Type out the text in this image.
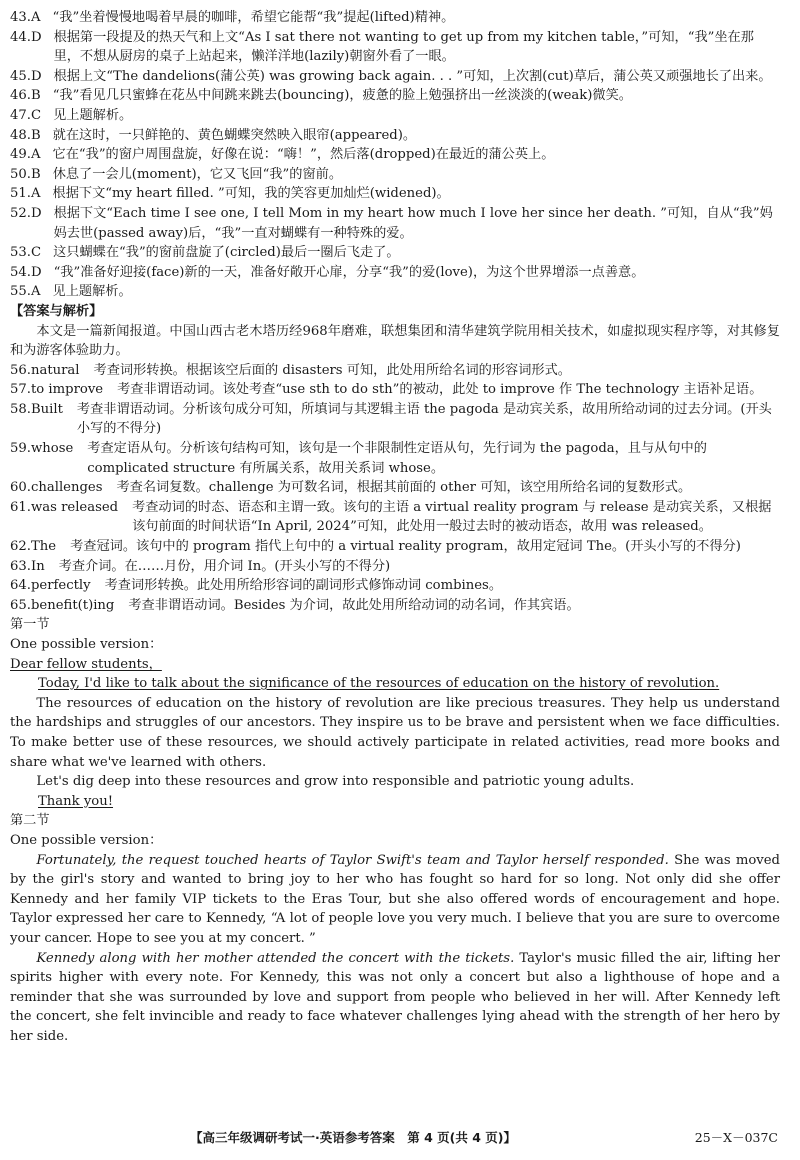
43.A “我”坐着慢慢地喝着早晨的咖啡，希望它能帮“我”提起(lifted)精神。
44.D 根据第一段提及的热天气和上文“As I sat there not wanting to get up from my kitchen table，”可知，“我”坐在那里，不想从厨房的桌子上站起来，懒洋洋地(lazily)朝窗外看了一眼。
45.D 根据上文“The dandelions(蒲公英) was growing back again. . . ”可知，上次割(cut)草后，蒲公英又顽强地长了出来。
46.B “我”看见几只蜜蜂在花丛中间跳来跳去(bouncing)，疲惫的脸上勉强挤出一丝淡淡的(weak)微笑。
47.C 见上题解析。
48.B 就在这时，一只鲜艳的、黄色蝴蝶突然映入眼帘(appeared)。
49.A 它在“我”的窗户周围盘旋，好像在说：“嗨！”，然后落(dropped)在最近的蒲公英上。
50.B 休息了一会儿(moment)，它又飞回“我”的窗前。
51.A 根据下文“my heart filled. ”可知，我的笑容更加灿烂(widened)。
52.D 根据下文“Each time I see one, I tell Mom in my heart how much I love her since her death. ”可知，自从“我”妈妈去世(passed away)后，“我”一直对蝴蝶有一种特殊的爱。
53.C 这只蝴蝶在“我”的窗前盘旋了(circled)最后一圈后飞走了。
54.D “我”准备好迎接(face)新的一天，准备好敞开心扉，分享“我”的爱(love)，为这个世界增添一点善意。
55.A 见上题解析。
【答案与解析】
本文是一篇新闻报道。中国山西古老木塔历经968年磨难，联想集团和清华建筑学院用相关技术，如虚拟现实程序等，对其修复和为游客体验助力。
56.natural	考查词形转换。根据该空后面的 disasters 可知，此处用所给名词的形容词形式。
57.to improve	考查非谓语动词。该处考查“use sth to do sth”的被动，此处 to improve 作 The technology 主语补足语。
58.Built	考查非谓语动词。分析该句成分可知，所填词与其逻辑主语 the pagoda 是动宾关系，故用所给动词的过去分词。(开头小写的不得分)
59.whose	考查定语从句。分析该句结构可知，该句是一个非限制性定语从句，先行词为 the pagoda，且与从句中的 complicated structure 有所属关系，故用关系词 whose。
60.challenges	考查名词复数。challenge 为可数名词，根据其前面的 other 可知，该空用所给名词的复数形式。
61.was released	考查动词的时态、语态和主谓一致。该句的主语 a virtual reality program 与 release 是动宾关系，又根据该句前面的时间状语“In April, 2024”可知，此处用一般过去时的被动语态，故用 was released。
62.The	考查冠词。该句中的 program 指代上句中的 a virtual reality program，故用定冠词 The。(开头小写的不得分)
63.In	考查介词。在……月份，用介词 In。(开头小写的不得分)
64.perfectly	考查词形转换。此处用所给形容词的副词形式修饰动词 combines。
65.benefit(t)ing	考查非谓语动词。Besides 为介词，故此处用所给动词的动名词，作其宾语。
第一节
One possible version：
Dear fellow students，
Today, I'd like to talk about the significance of the resources of education on the history of revolution.
The resources of education on the history of revolution are like precious treasures. They help us understand the hardships and struggles of our ancestors. They inspire us to be brave and persistent when we face difficulties. To make better use of these resources, we should actively participate in related activities, read more books and share what we've learned with others.
Let's dig deep into these resources and grow into responsible and patriotic young adults.
Thank you!
第二节
One possible version：
Fortunately, the request touched hearts of Taylor Swift's team and Taylor herself responded. She was moved by the girl's story and wanted to bring joy to her who has fought so hard for so long. Not only did she offer Kennedy and her family VIP tickets to the Eras Tour, but she also offered words of encouragement and hope. Taylor expressed her care to Kennedy, “A lot of people love you very much. I believe that you are sure to overcome your cancer. Hope to see you at my concert. ”
Kennedy along with her mother attended the concert with the tickets. Taylor's music filled the air, lifting her spirits higher with every note. For Kennedy, this was not only a concert but also a lighthouse of hope and a reminder that she was surrounded by love and support from people who believed in her will. After Kennedy left the concert, she felt invincible and ready to face whatever challenges lying ahead with the strength of her hero by her side.
【高三年级调研考试一·英语参考答案　第 4 页(共 4 页)】	25－X－037C
